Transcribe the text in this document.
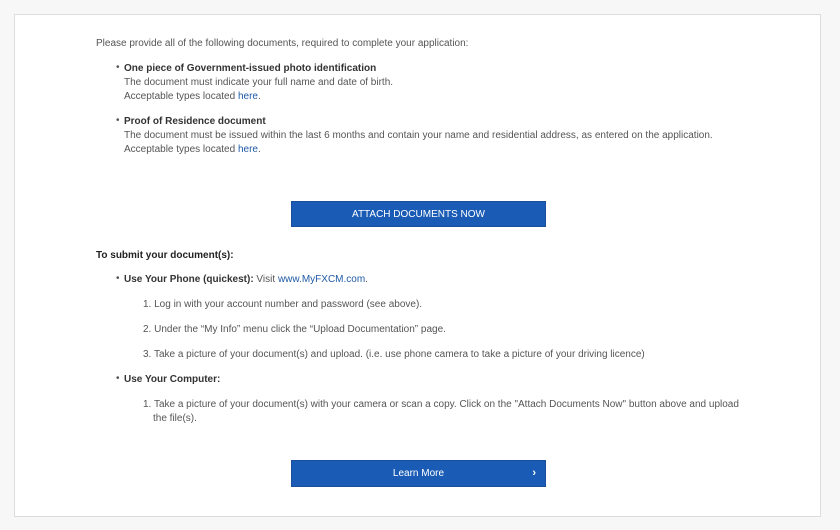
Please provide all of the following documents, required to complete your application:
• One piece of Government-issued photo identification
The document must indicate your full name and date of birth.
Acceptable types located here.
• Proof of Residence document
The document must be issued within the last 6 months and contain your name and residential address, as entered on the application.
Acceptable types located here.
ATTACH DOCUMENTS NOW
To submit your document(s):
• Use Your Phone (quickest): Visit www.MyFXCM.com.
1. Log in with your account number and password (see above).
2. Under the “My Info” menu click the “Upload Documentation” page.
3. Take a picture of your document(s) and upload. (i.e. use phone camera to take a picture of your driving licence)
• Use Your Computer:
1. Take a picture of your document(s) with your camera or scan a copy. Click on the "Attach Documents Now" button above and upload
the file(s).
Learn More	›
